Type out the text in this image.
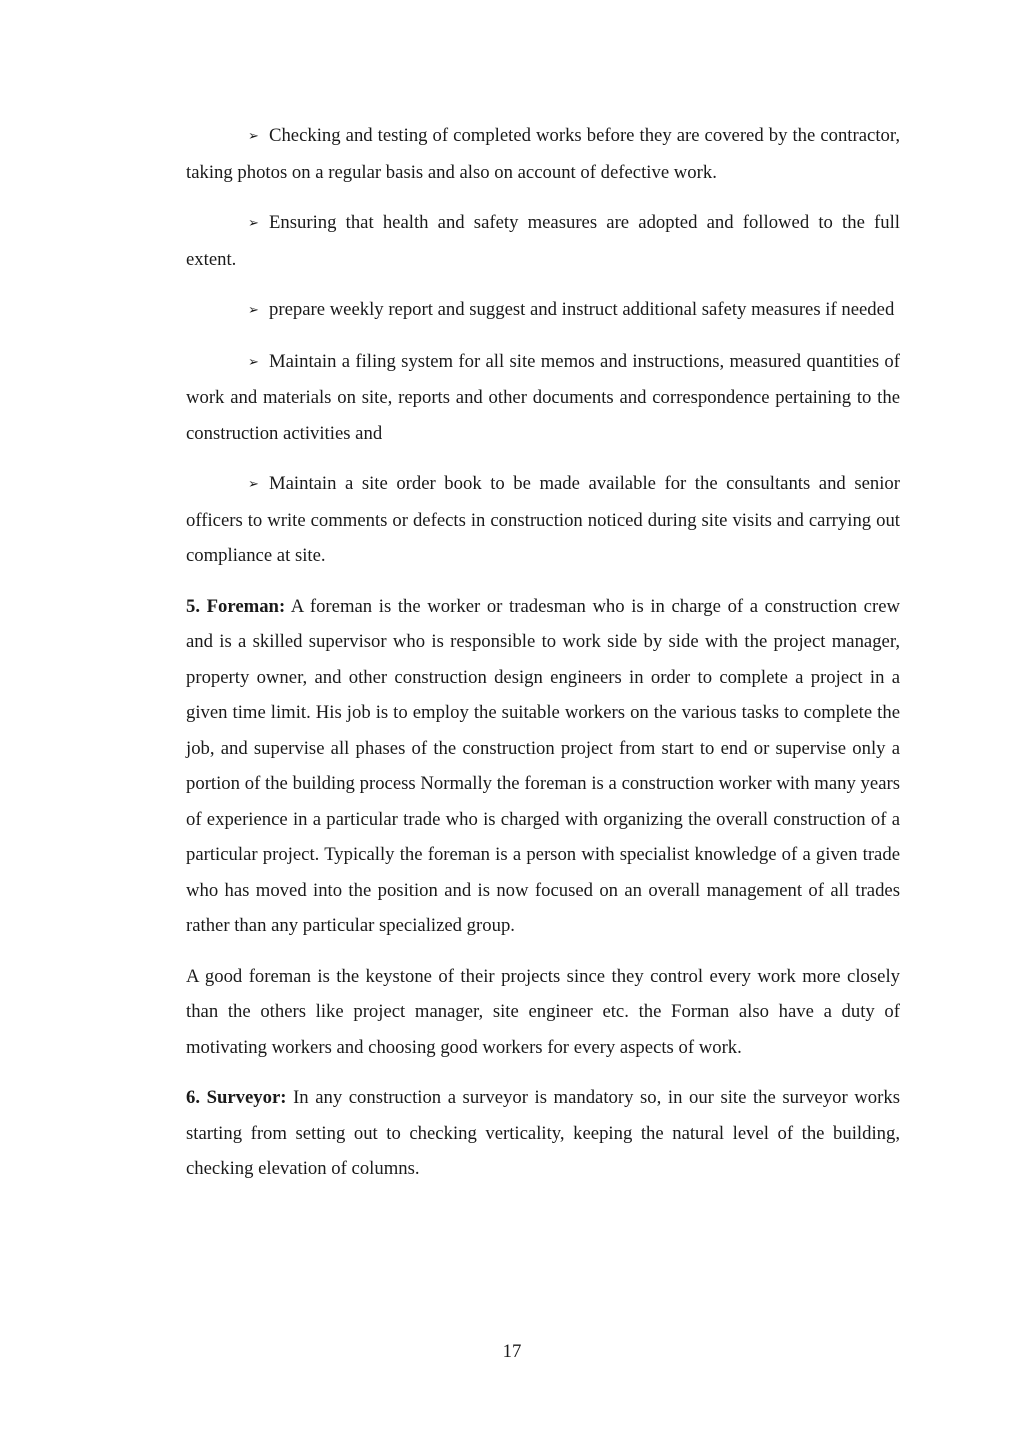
➢ Checking and testing of completed works before they are covered by the contractor, taking photos on a regular basis and also on account of defective work.

➢ Ensuring that health and safety measures are adopted and followed to the full extent.

➢ prepare weekly report and suggest and instruct additional safety measures if needed

➢ Maintain a filing system for all site memos and instructions, measured quantities of work and materials on site, reports and other documents and correspondence pertaining to the construction activities and

➢ Maintain a site order book to be made available for the consultants and senior officers to write comments or defects in construction noticed during site visits and carrying out compliance at site.

5. Foreman: A foreman is the worker or tradesman who is in charge of a construction crew and is a skilled supervisor who is responsible to work side by side with the project manager, property owner, and other construction design engineers in order to complete a project in a given time limit. His job is to employ the suitable workers on the various tasks to complete the job, and supervise all phases of the construction project from start to end or supervise only a portion of the building process Normally the foreman is a construction worker with many years of experience in a particular trade who is charged with organizing the overall construction of a particular project. Typically the foreman is a person with specialist knowledge of a given trade who has moved into the position and is now focused on an overall management of all trades rather than any particular specialized group.

A good foreman is the keystone of their projects since they control every work more closely than the others like project manager, site engineer etc. the Forman also have a duty of motivating workers and choosing good workers for every aspects of work.

6. Surveyor: In any construction a surveyor is mandatory so, in our site the surveyor works starting from setting out to checking verticality, keeping the natural level of the building, checking elevation of columns.

17
